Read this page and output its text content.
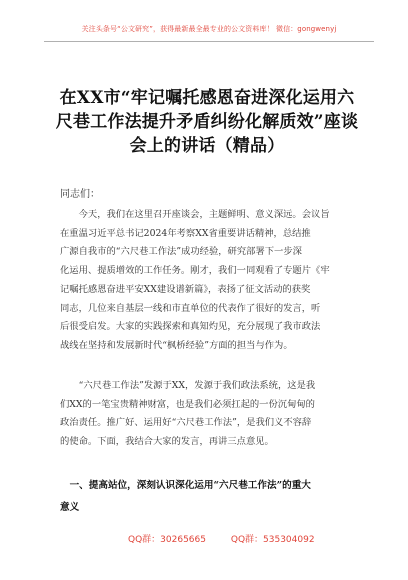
关注头条号“公文研究”，获得最新最全最专业的公文资料库！ 微信：gongwenyj
在XX市“牢记嘱托感恩奋进深化运用六
尺巷工作法提升矛盾纠纷化解质效”座谈
会上的讲话（精品）
同志们：
　　今天，我们在这里召开座谈会，主题鲜明、意义深远。会议旨
在重温习近平总书记2024年考察XX省重要讲话精神，总结推
广源自我市的“六尺巷工作法”成功经验，研究部署下一步深
化运用、提质增效的工作任务。刚才，我们一同观看了专题片《牢
记嘱托感恩奋进平安XX建设谱新篇》，表扬了征文活动的获奖
同志，几位来自基层一线和市直单位的代表作了很好的发言，听
后很受启发。大家的实践探索和真知灼见，充分展现了我市政法
战线在坚持和发展新时代“枫桥经验”方面的担当与作为。
　　“六尺巷工作法”发源于XX，发源于我们政法系统，这是我
们XX的一笔宝贵精神财富，也是我们必须扛起的一份沉甸甸的
政治责任。推广好、运用好“六尺巷工作法”，是我们义不容辞
的使命。下面，我结合大家的发言，再讲三点意见。
　一、提高站位，深刻认识深化运用“六尺巷工作法”的重大
意义
QQ群：30265665	QQ群：535304092
